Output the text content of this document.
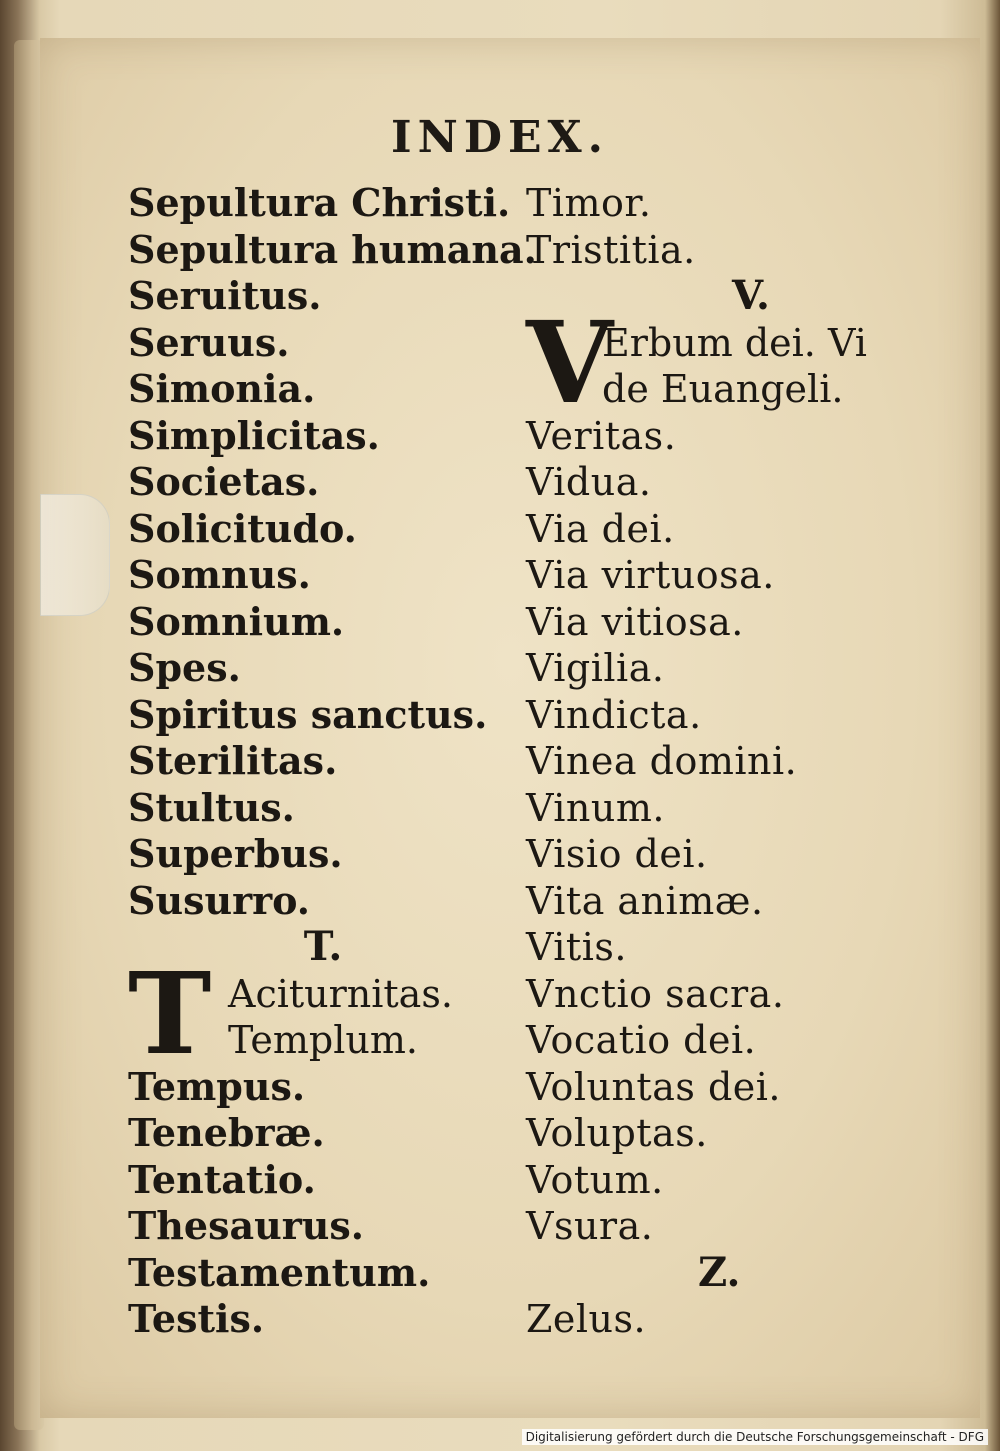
INDEX.
Sepultura Christi.
Sepultura humana.
Seruitus.
Seruus.
Simonia.
Simplicitas.
Societas.
Solicitudo.
Somnus.
Somnium.
Spes.
Spiritus sanctus.
Sterilitas.
Stultus.
Superbus.
Susurro.
T.
T Aciturnitas.
Templum.
Tempus.
Tenebræ.
Tentatio.
Thesaurus.
Testamentum.
Testis.
Timor.
Tristitia.
V.
V
Erbum dei. Vi
de Euangeli.
Veritas.
Vidua.
Via dei.
Via virtuosa.
Via vitiosa.
Vigilia.
Vindicta.
Vinea domini.
Vinum.
Visio dei.
Vita animæ.
Vitis.
Vnctio sacra.
Vocatio dei.
Voluntas dei.
Voluptas.
Votum.
Vsura.
Z.
Zelus.
Digitalisierung gefördert durch die Deutsche Forschungsgemeinschaft - DFG
